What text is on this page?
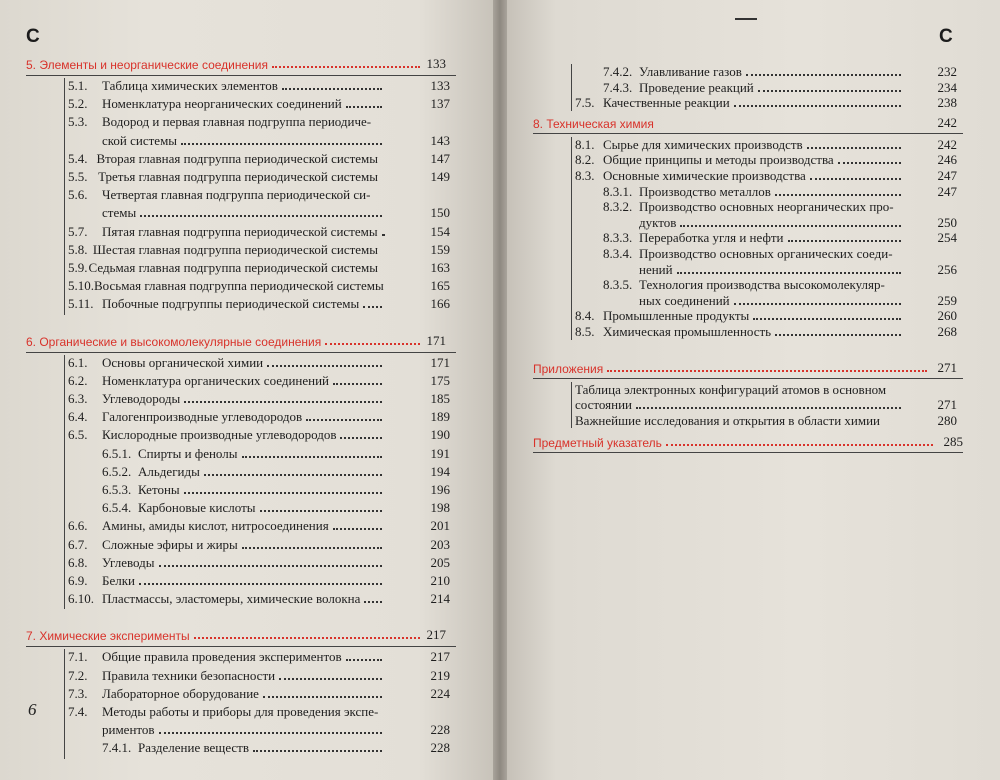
С
6
5. Элементы и неорганические соединения	133
5.1.	Таблица химических элементов	133
5.2.	Номенклатура неорганических соединений	137
5.3.	Водород и первая главная подгруппа периодиче-
ской системы	143
5.4. Вторая главная подгруппа периодической системы	147
5.5. Третья главная подгруппа периодической системы	149
5.6.	Четвертая главная подгруппа периодической си-
стемы	150
5.7.	Пятая главная подгруппа периодической системы	154
5.8. Шестая главная подгруппа периодической системы	159
5.9. Седьмая главная подгруппа периодической системы	163
5.10. Восьмая главная подгруппа периодической системы	165
5.11. Побочные подгруппы периодической системы	166
6. Органические и высокомолекулярные соединения	171
6.1.	Основы органической химии	171
6.2.	Номенклатура органических соединений	175
6.3.	Углеводороды	185
6.4.	Галогенпроизводные углеводородов	189
6.5.	Кислородные производные углеводородов	190
6.5.1. Спирты и фенолы	191
6.5.2. Альдегиды	194
6.5.3. Кетоны	196
6.5.4. Карбоновые кислоты	198
6.6.	Амины, амиды кислот, нитросоединения	201
6.7.	Сложные эфиры и жиры	203
6.8.	Углеводы	205
6.9.	Белки	210
6.10. Пластмассы, эластомеры, химические волокна	214
7. Химические эксперименты	217
7.1.	Общие правила проведения экспериментов	217
7.2.	Правила техники безопасности	219
7.3.	Лабораторное оборудование	224
7.4.	Методы работы и приборы для проведения экспе-
риментов	228
7.4.1. Разделение веществ	228
С
7.4.2. Улавливание газов	232
7.4.3. Проведение реакций	234
7.5. Качественные реакции	238
8. Техническая химия	242
8.1. Сырье для химических производств	242
8.2. Общие принципы и методы производства	246
8.3. Основные химические производства	247
8.3.1. Производство металлов	247
8.3.2. Производство основных неорганических про-
дуктов	250
8.3.3. Переработка угля и нефти	254
8.3.4. Производство основных органических соеди-
нений	256
8.3.5. Технология производства высокомолекуляр-
ных соединений	259
8.4. Промышленные продукты	260
8.5. Химическая промышленность	268
Приложения	271
Таблица электронных конфигураций атомов в основном
состоянии	271
Важнейшие исследования и открытия в области химии	280
Предметный указатель	285
